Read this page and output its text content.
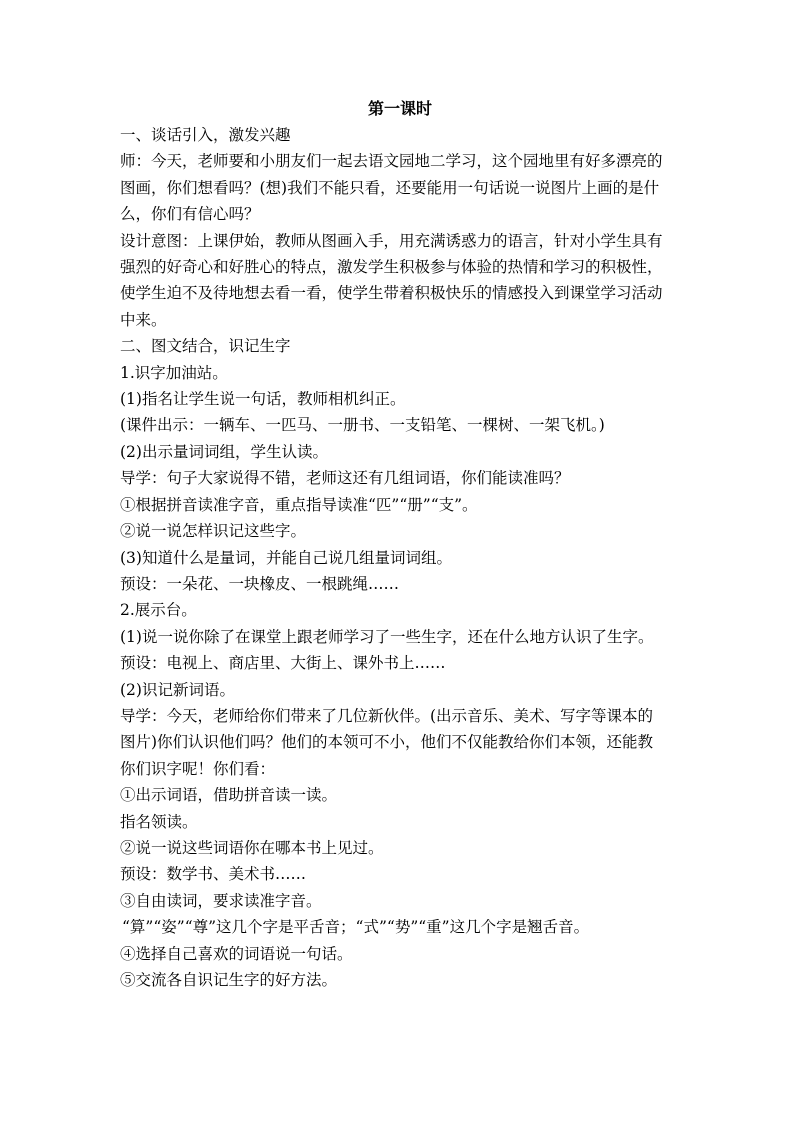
第一课时

一、谈话引入，激发兴趣

师：今天，老师要和小朋友们一起去语文园地二学习，这个园地里有好多漂亮的

图画，你们想看吗？(想)我们不能只看，还要能用一句话说一说图片上画的是什

么，你们有信心吗？

设计意图：上课伊始，教师从图画入手，用充满诱惑力的语言，针对小学生具有

强烈的好奇心和好胜心的特点，激发学生积极参与体验的热情和学习的积极性，

使学生迫不及待地想去看一看，使学生带着积极快乐的情感投入到课堂学习活动

中来。

二、图文结合，识记生字

1.识字加油站。

(1)指名让学生说一句话，教师相机纠正。

(课件出示：一辆车、一匹马、一册书、一支铅笔、一棵树、一架飞机。)

(2)出示量词词组，学生认读。

导学：句子大家说得不错，老师这还有几组词语，你们能读准吗？

①根据拼音读准字音，重点指导读准“匹”“册”“支”。

②说一说怎样识记这些字。

(3)知道什么是量词，并能自己说几组量词词组。

预设：一朵花、一块橡皮、一根跳绳……

2.展示台。

(1)说一说你除了在课堂上跟老师学习了一些生字，还在什么地方认识了生字。

预设：电视上、商店里、大街上、课外书上……

(2)识记新词语。

导学：今天，老师给你们带来了几位新伙伴。(出示音乐、美术、写字等课本的

图片)你们认识他们吗？他们的本领可不小，他们不仅能教给你们本领，还能教

你们识字呢！你们看：

①出示词语，借助拼音读一读。

指名领读。

②说一说这些词语你在哪本书上见过。

预设：数学书、美术书……

③自由读词，要求读准字音。

“算”“姿”“尊”这几个字是平舌音；“式”“势”“重”这几个字是翘舌音。

④选择自己喜欢的词语说一句话。

⑤交流各自识记生字的好方法。
